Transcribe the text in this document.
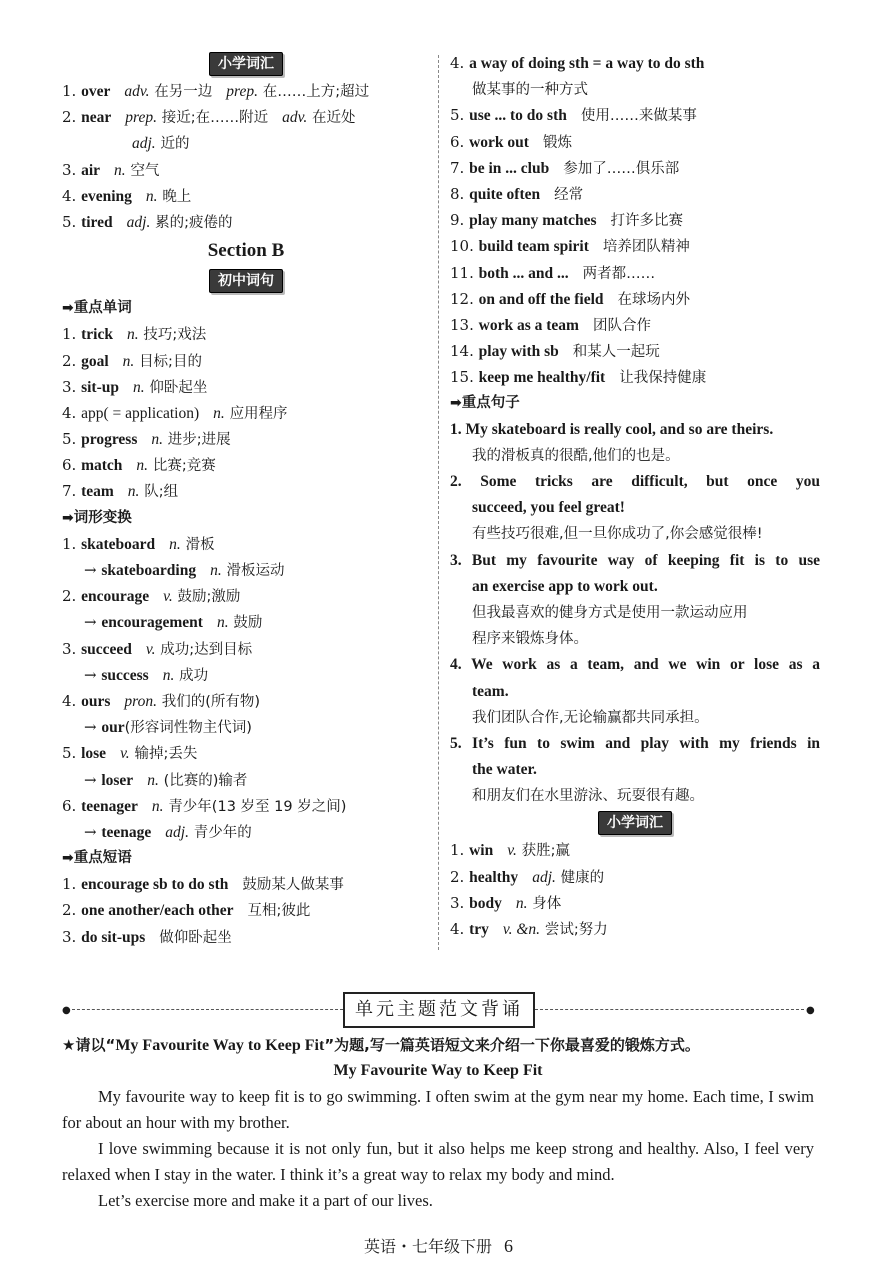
小学词汇
1. over adv. 在另一边 prep. 在……上方;超过
2. near prep. 接近;在……附近 adv. 在近处
adj. 近的
3. air n. 空气
4. evening n. 晚上
5. tired adj. 累的;疲倦的
Section B
初中词句
➡重点单词
1. trick n. 技巧;戏法
2. goal n. 目标;目的
3. sit-up n. 仰卧起坐
4. app( = application) n. 应用程序
5. progress n. 进步;进展
6. match n. 比赛;竞赛
7. team n. 队;组
➡词形变换
1. skateboard n. 滑板
→ skateboarding n. 滑板运动
2. encourage v. 鼓励;激励
→ encouragement n. 鼓励
3. succeed v. 成功;达到目标
→ success n. 成功
4. ours pron. 我们的(所有物)
→ our(形容词性物主代词)
5. lose v. 输掉;丢失
→ loser n. (比赛的)输者
6. teenager n. 青少年(13 岁至 19 岁之间)
→ teenage adj. 青少年的
➡重点短语
1. encourage sb to do sth 鼓励某人做某事
2. one another/each other 互相;彼此
3. do sit-ups 做仰卧起坐
4. a way of doing sth = a way to do sth
做某事的一种方式
5. use ... to do sth 使用……来做某事
6. work out 锻炼
7. be in ... club 参加了……俱乐部
8. quite often 经常
9. play many matches 打许多比赛
10. build team spirit 培养团队精神
11. both ... and ... 两者都……
12. on and off the field 在球场内外
13. work as a team 团队合作
14. play with sb 和某人一起玩
15. keep me healthy/fit 让我保持健康
➡重点句子
1. My skateboard is really cool, and so are theirs.
我的滑板真的很酷,他们的也是。
2. Some tricks are difficult, but once you
succeed, you feel great!
有些技巧很难,但一旦你成功了,你会感觉很棒!
3. But my favourite way of keeping fit is to use
an exercise app to work out.
但我最喜欢的健身方式是使用一款运动应用
程序来锻炼身体。
4. We work as a team, and we win or lose as a
team.
我们团队合作,无论输赢都共同承担。
5. It’s fun to swim and play with my friends in
the water.
和朋友们在水里游泳、玩耍很有趣。
小学词汇
1. win v. 获胜;赢
2. healthy adj. 健康的
3. body n. 身体
4. try v. &n. 尝试;努力
●	单元主题范文背诵	●
★请以“My Favourite Way to Keep Fit”为题,写一篇英语短文来介绍一下你最喜爱的锻炼方式。
My Favourite Way to Keep Fit

My favourite way to keep fit is to go swimming. I often swim at the gym near my home. Each time, I swim for about an hour with my brother.

I love swimming because it is not only fun, but it also helps me keep strong and healthy. Also, I feel very relaxed when I stay in the water. I think it’s a great way to relax my body and mind.

Let’s exercise more and make it a part of our lives.

英语・七年级下册 6
